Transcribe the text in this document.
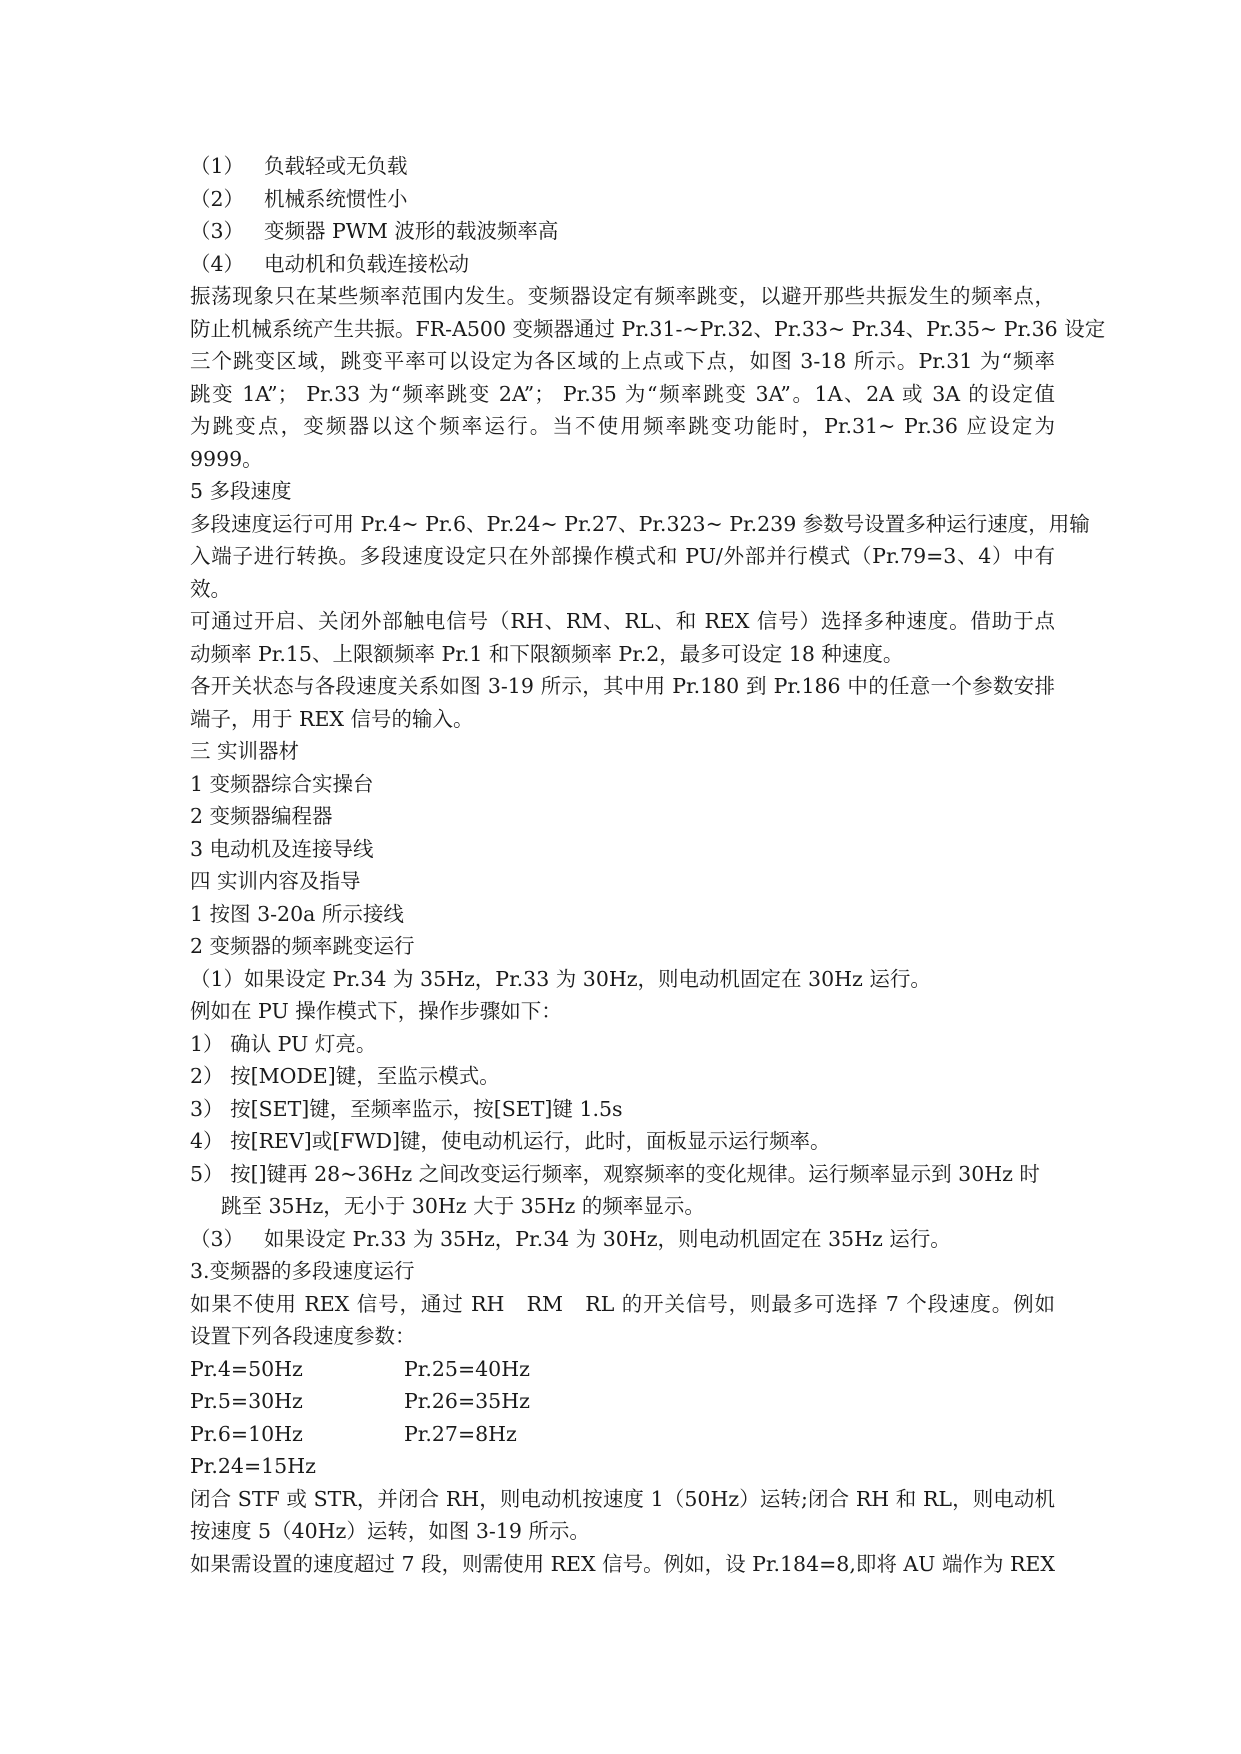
（1） 负载轻或无负载
（2） 机械系统惯性小
（3） 变频器 PWM 波形的载波频率高
（4） 电动机和负载连接松动
振荡现象只在某些频率范围内发生。变频器设定有频率跳变，以避开那些共振发生的频率点，
防止机械系统产生共振。FR-A500 变频器通过 Pr.31-~Pr.32、Pr.33~ Pr.34、Pr.35~ Pr.36 设定
三个跳变区域，跳变平率可以设定为各区域的上点或下点，如图 3-18 所示。Pr.31 为“频率
跳变 1A”； Pr.33 为“频率跳变 2A”； Pr.35 为“频率跳变 3A”。1A、2A 或 3A 的设定值
为跳变点，变频器以这个频率运行。当不使用频率跳变功能时，Pr.31~ Pr.36 应设定为
9999。
5 多段速度
多段速度运行可用 Pr.4~ Pr.6、Pr.24~ Pr.27、Pr.323~ Pr.239 参数号设置多种运行速度，用输
入端子进行转换。多段速度设定只在外部操作模式和 PU/外部并行模式（Pr.79=3、4）中有
效。
可通过开启、关闭外部触电信号（RH、RM、RL、和 REX 信号）选择多种速度。借助于点
动频率 Pr.15、上限额频率 Pr.1 和下限额频率 Pr.2，最多可设定 18 种速度。
各开关状态与各段速度关系如图 3-19 所示，其中用 Pr.180 到 Pr.186 中的任意一个参数安排
端子，用于 REX 信号的输入。
三 实训器材
1 变频器综合实操台
2 变频器编程器
3 电动机及连接导线
四 实训内容及指导
1 按图 3-20a 所示接线
2 变频器的频率跳变运行
（1）如果设定 Pr.34 为 35Hz，Pr.33 为 30Hz，则电动机固定在 30Hz 运行。
例如在 PU 操作模式下，操作步骤如下：
1） 确认 PU 灯亮。
2） 按[MODE]键，至监示模式。
3） 按[SET]键，至频率监示，按[SET]键 1.5s
4） 按[REV]或[FWD]键，使电动机运行，此时，面板显示运行频率。
5） 按[]键再 28~36Hz 之间改变运行频率，观察频率的变化规律。运行频率显示到 30Hz 时
跳至 35Hz，无小于 30Hz 大于 35Hz 的频率显示。
（3） 如果设定 Pr.33 为 35Hz，Pr.34 为 30Hz，则电动机固定在 35Hz 运行。
3.变频器的多段速度运行
如果不使用 REX 信号，通过 RH　RM　RL 的开关信号，则最多可选择 7 个段速度。例如
设置下列各段速度参数：
Pr.4=50Hz	Pr.25=40Hz
Pr.5=30Hz	Pr.26=35Hz
Pr.6=10Hz	Pr.27=8Hz
Pr.24=15Hz
闭合 STF 或 STR，并闭合 RH，则电动机按速度 1（50Hz）运转;闭合 RH 和 RL，则电动机
按速度 5（40Hz）运转，如图 3-19 所示。
如果需设置的速度超过 7 段，则需使用 REX 信号。例如，设 Pr.184=8,即将 AU 端作为 REX
